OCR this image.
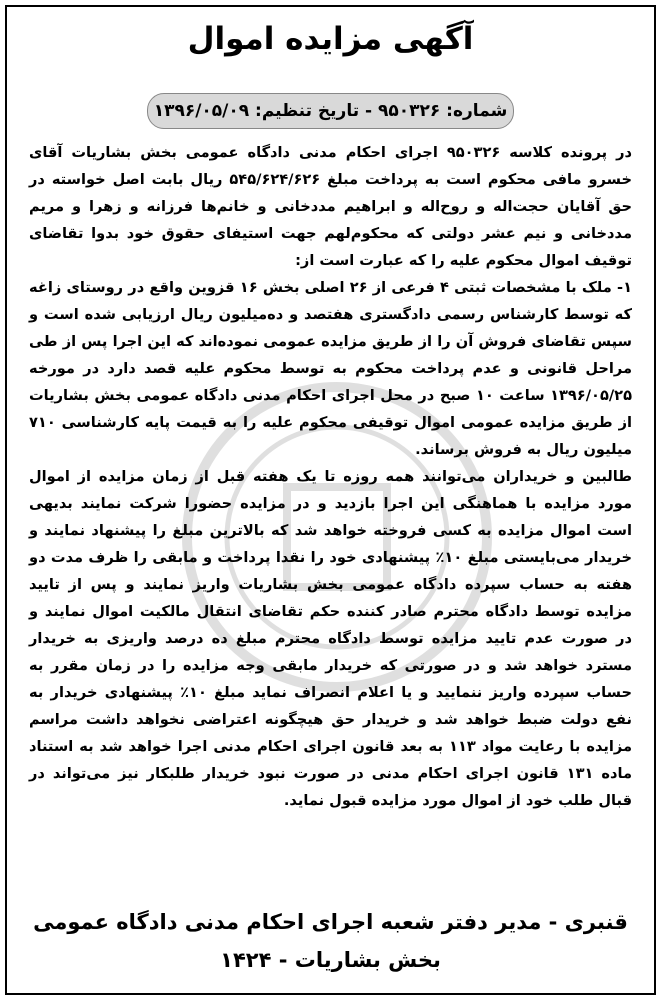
آگهی مزایده اموال
شماره: ۹۵۰۳۲۶ - تاریخ تنظیم: ۱۳۹۶/۰۵/۰۹

در پرونده کلاسه ۹۵۰۳۲۶ اجرای احکام مدنی دادگاه عمومی بخش بشاریات آقای خسرو مافی محکوم است به پرداخت مبلغ ۵۴۵/۶۲۴/۶۲۶ ریال بابت اصل خواسته در حق آقایان حجت‌اله و روح‌اله و ابراهیم مددخانی و خانم‌ها فرزانه و زهرا و مریم مددخانی و نیم عشر دولتی که محکوم‌لهم جهت استیفای حقوق خود بدوا تقاضای توقیف اموال محکوم علیه را که عبارت است از:

۱- ملک با مشخصات ثبتی ۴ فرعی از ۲۶ اصلی بخش ۱۶ قزوین واقع در روستای زاغه که توسط کارشناس رسمی دادگستری هفتصد و ده‌میلیون ریال ارزیابی شده است و سپس تقاضای فروش آن را از طریق مزایده عمومی نموده‌اند که این اجرا پس از طی مراحل قانونی و عدم پرداخت محکوم به توسط محکوم علیه قصد دارد در مورخه ۱۳۹۶/۰۵/۲۵ ساعت ۱۰ صبح در محل اجرای احکام مدنی دادگاه عمومی بخش بشاریات از طریق مزایده عمومی اموال توقیفی محکوم علیه را به قیمت پایه کارشناسی ۷۱۰ میلیون ریال به فروش برساند.

طالبین و خریداران می‌توانند همه روزه تا یک هفته قبل از زمان مزایده از اموال مورد مزایده با هماهنگی این اجرا بازدید و در مزایده حضورا شرکت نمایند بدیهی است اموال مزایده به کسی فروخته خواهد شد که بالاترین مبلغ را پیشنهاد نمایند و خریدار می‌بایستی مبلغ ۱۰٪ پیشنهادی خود را نقدا پرداخت و مابقی را ظرف مدت دو هفته به حساب سپرده دادگاه عمومی بخش بشاریات واریز نمایند و پس از تایید مزایده توسط دادگاه محترم صادر کننده حکم تقاضای انتقال مالکیت اموال نمایند و در صورت عدم تایید مزایده توسط دادگاه محترم مبلغ ده درصد واریزی به خریدار مسترد خواهد شد و در صورتی که خریدار مابقی وجه مزایده را در زمان مقرر به حساب سپرده واریز ننمایید و یا اعلام انصراف نماید مبلغ ۱۰٪ پیشنهادی خریدار به نفع دولت ضبط خواهد شد و خریدار حق هیچگونه اعتراضی نخواهد داشت مراسم مزایده با رعایت مواد ۱۱۳ به بعد قانون اجرای احکام مدنی اجرا خواهد شد به استناد ماده ۱۳۱ قانون اجرای احکام مدنی در صورت نبود خریدار طلبکار نیز می‌تواند در قبال طلب خود از اموال مورد مزایده قبول نماید.

قنبری - مدیر دفتر شعبه اجرای احکام مدنی دادگاه عمومی
بخش بشاریات - ۱۴۲۴
